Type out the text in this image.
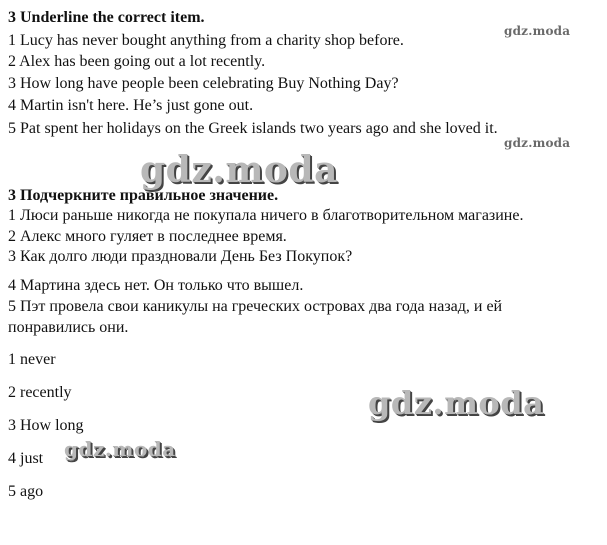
3 Underline the correct item.
1 Lucy has never bought anything from a charity shop before.
2 Alex has been going out a lot recently.
3 How long have people been celebrating Buy Nothing Day?
4 Martin isn't here. He’s just gone out.
5 Pat spent her holidays on the Greek islands two years ago and she loved it.
3 Подчеркните правильное значение.
1 Люси раньше никогда не покупала ничего в благотворительном магазине.
2 Алекс много гуляет в последнее время.
3 Как долго люди праздновали День Без Покупок?
4 Мартина здесь нет. Он только что вышел.
5 Пэт провела свои каникулы на греческих островах два года назад, и ей
понравились они.
1 never
2 recently
3 How long
4 just
5 ago
gdz.moda
gdz.moda
gdz.moda
gdz.moda
gdz.moda
